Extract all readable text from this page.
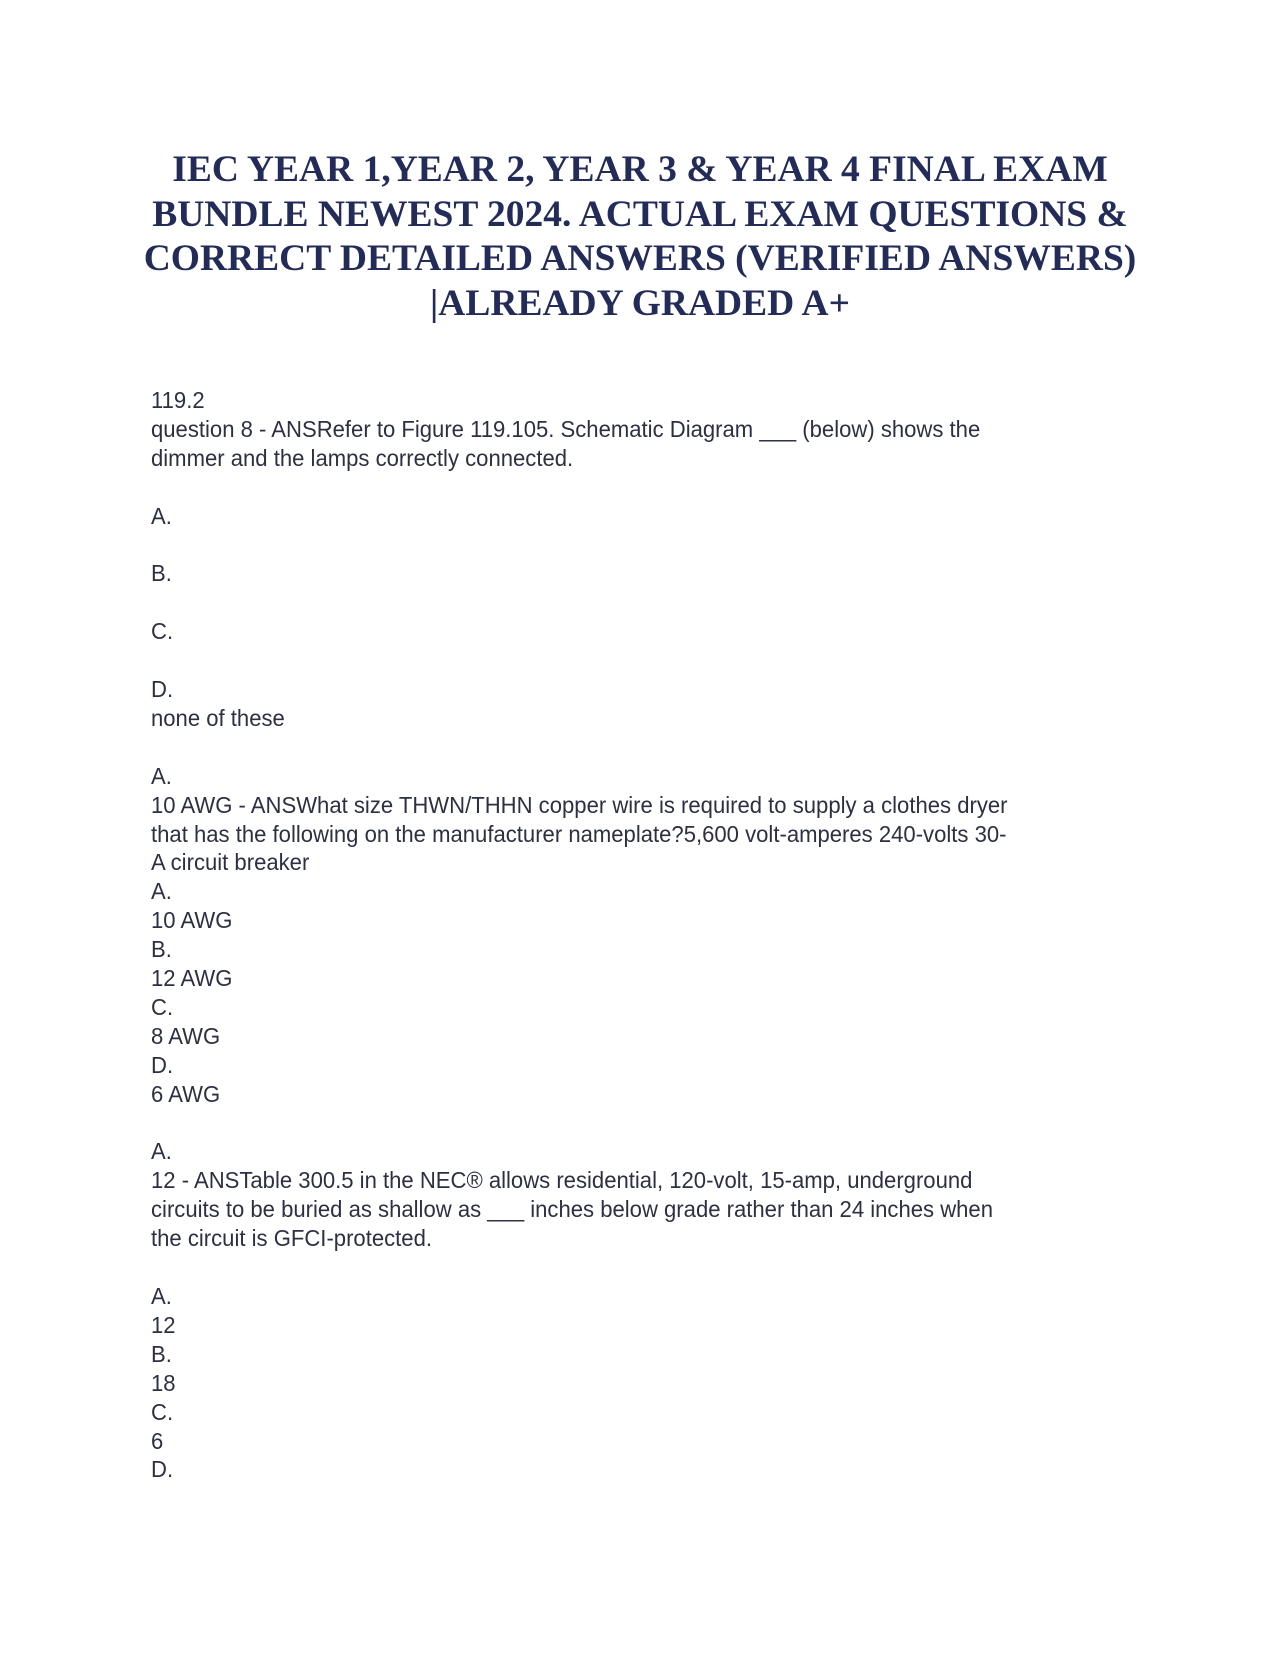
IEC YEAR 1,YEAR 2, YEAR 3 & YEAR 4 FINAL EXAM BUNDLE NEWEST 2024. ACTUAL EXAM QUESTIONS & CORRECT DETAILED ANSWERS (VERIFIED ANSWERS) |ALREADY GRADED A+
119.2
question 8 - ANSRefer to Figure 119.105. Schematic Diagram ___ (below) shows the
dimmer and the lamps correctly connected.
A.
B.
C.
D.
none of these
A.
10 AWG - ANSWhat size THWN/THHN copper wire is required to supply a clothes dryer
that has the following on the manufacturer nameplate?5,600 volt-amperes 240-volts 30-
A circuit breaker
A.
10 AWG
B.
12 AWG
C.
8 AWG
D.
6 AWG
A.
12 - ANSTable 300.5 in the NEC® allows residential, 120-volt, 15-amp, underground
circuits to be buried as shallow as ___ inches below grade rather than 24 inches when
the circuit is GFCI-protected.
A.
12
B.
18
C.
6
D.
